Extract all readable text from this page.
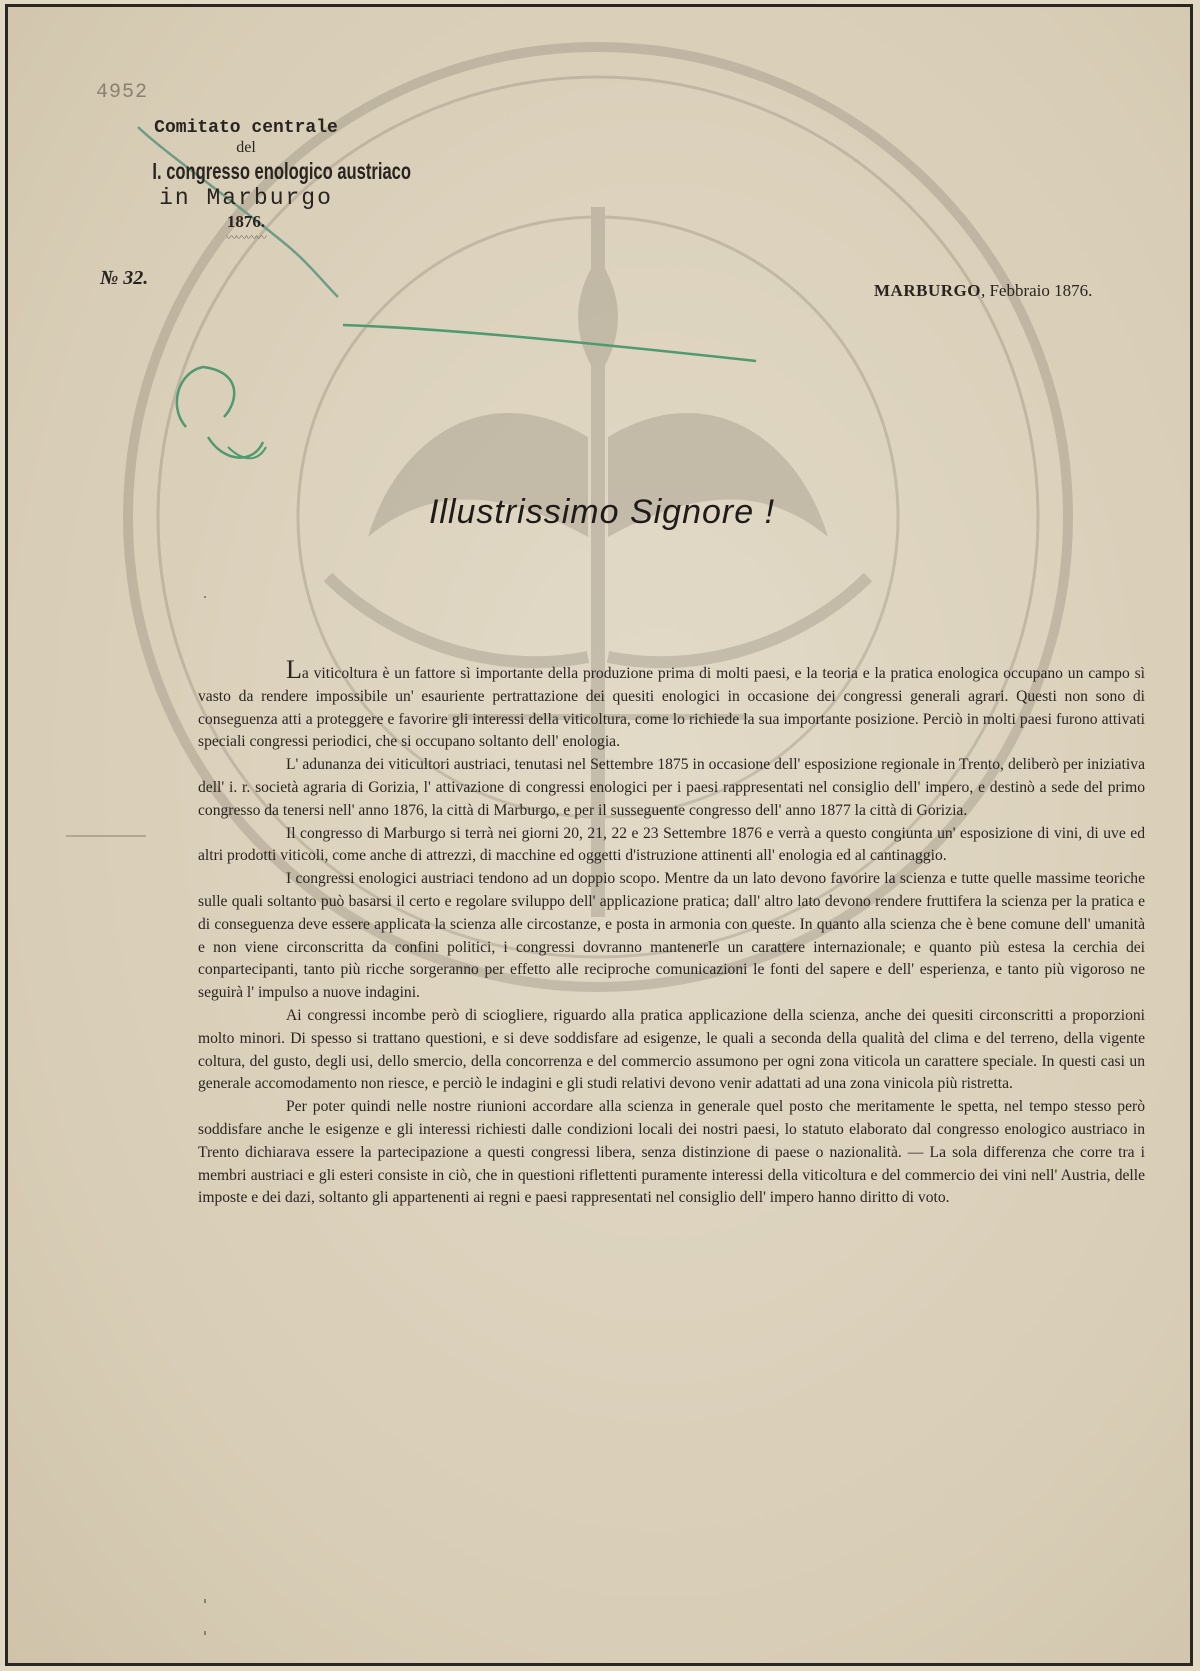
4952
Comitato centrale
del
I. congresso enologico austriaco
in Marburgo
1876.
〰〰〰〰
№ 32.
MARBURGO, Febbraio 1876.
Illustrissimo Signore !

La viticoltura è un fattore sì importante della produzione prima di molti paesi, e la teoria e la pratica enologica occupano un campo sì vasto da rendere impossibile un' esauriente pertrattazione dei quesiti enologici in occasione dei congressi generali agrari. Questi non sono di conseguenza atti a proteggere e favorire gli interessi della viticoltura, come lo richiede la sua importante posizione. Perciò in molti paesi furono attivati speciali congressi periodici, che si occupano soltanto dell' enologia.

L' adunanza dei viticultori austriaci, tenutasi nel Settembre 1875 in occasione dell' esposizione regionale in Trento, deliberò per iniziativa dell' i. r. società agraria di Gorizia, l' attivazione di congressi enologici per i paesi rappresentati nel consiglio dell' impero, e destinò a sede del primo congresso da tenersi nell' anno 1876, la città di Marburgo, e per il susseguente congresso dell' anno 1877 la città di Gorizia.

Il congresso di Marburgo si terrà nei giorni 20, 21, 22 e 23 Settembre 1876 e verrà a questo congiunta un' esposizione di vini, di uve ed altri prodotti viticoli, come anche di attrezzi, di macchine ed oggetti d'istruzione attinenti all' enologia ed al cantinaggio.

I congressi enologici austriaci tendono ad un doppio scopo. Mentre da un lato devono favorire la scienza e tutte quelle massime teoriche sulle quali soltanto può basarsi il certo e regolare sviluppo dell' applicazione pratica; dall' altro lato devono rendere fruttifera la scienza per la pratica e di conseguenza deve essere applicata la scienza alle circostanze, e posta in armonia con queste. In quanto alla scienza che è bene comune dell' umanità e non viene circonscritta da confini politici, i congressi dovranno mantenerle un carattere internazionale; e quanto più estesa la cerchia dei conpartecipanti, tanto più ricche sorgeranno per effetto alle reciproche comunicazioni le fonti del sapere e dell' esperienza, e tanto più vigoroso ne seguirà l' impulso a nuove indagini.

Ai congressi incombe però di sciogliere, riguardo alla pratica applicazione della scienza, anche dei quesiti circonscritti a proporzioni molto minori. Di spesso si trattano questioni, e si deve soddisfare ad esigenze, le quali a seconda della qualità del clima e del terreno, della vigente coltura, del gusto, degli usi, dello smercio, della concorrenza e del commercio assumono per ogni zona viticola un carattere speciale. In questi casi un generale accomodamento non riesce, e perciò le indagini e gli studi relativi devono venir adattati ad una zona vinicola più ristretta.

Per poter quindi nelle nostre riunioni accordare alla scienza in generale quel posto che meritamente le spetta, nel tempo stesso però soddisfare anche le esigenze e gli interessi richiesti dalle condizioni locali dei nostri paesi, lo statuto elaborato dal congresso enologico austriaco in Trento dichiarava essere la partecipazione a questi congressi libera, senza distinzione di paese o nazionalità. — La sola differenza che corre tra i membri austriaci e gli esteri consiste in ciò, che in questioni riflettenti puramente interessi della viticoltura e del commercio dei vini nell' Austria, delle imposte e dei dazi, soltanto gli appartenenti ai regni e paesi rappresentati nel consiglio dell' impero hanno diritto di voto.
